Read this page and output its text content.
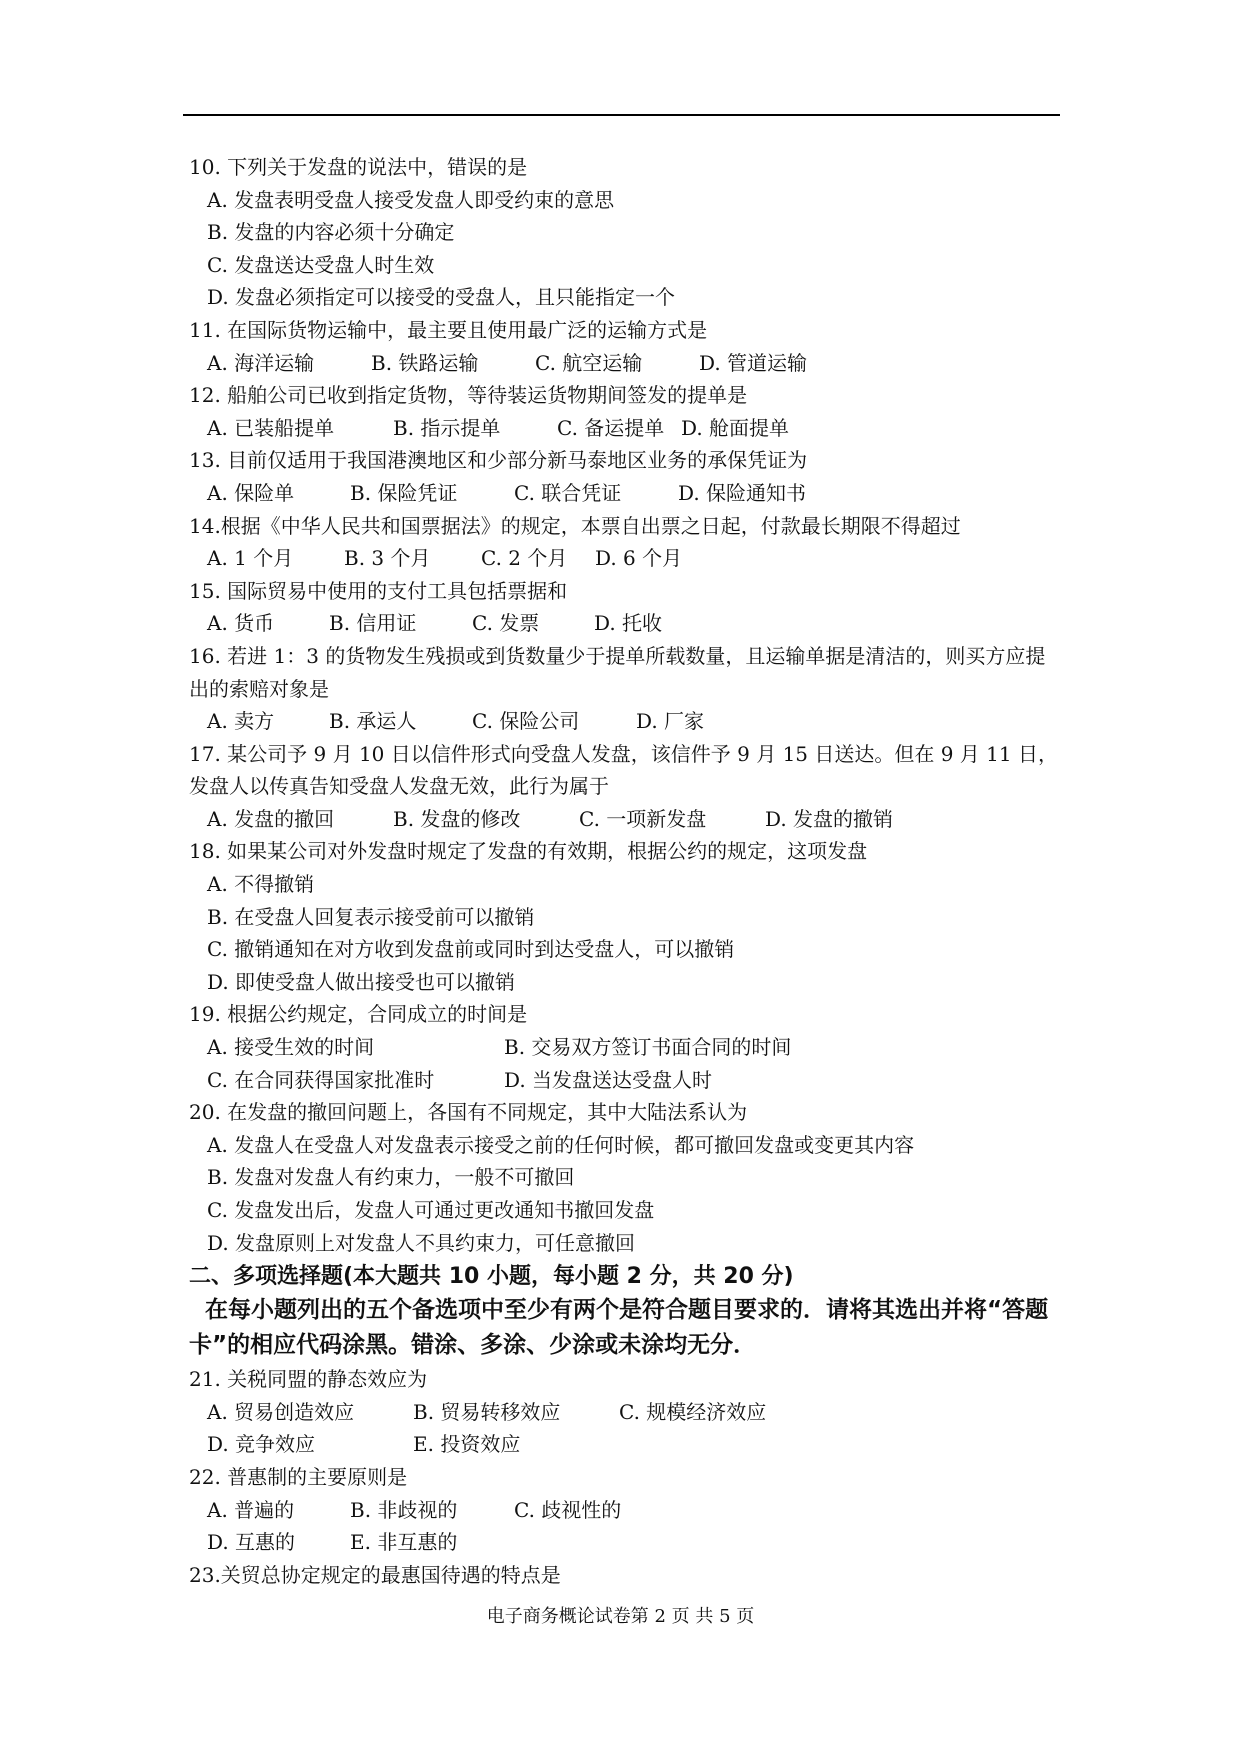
10. 下列关于发盘的说法中，错误的是
A. 发盘表明受盘人接受发盘人即受约束的意思
B. 发盘的内容必须十分确定
C. 发盘送达受盘人时生效
D. 发盘必须指定可以接受的受盘人，且只能指定一个
11. 在国际货物运输中，最主要且使用最广泛的运输方式是
A. 海洋运输	B. 铁路运输	C. 航空运输	D. 管道运输
12. 船舶公司已收到指定货物，等待装运货物期间签发的提单是
A. 已装船提单	B. 指示提单	C. 备运提单 D. 舱面提单
13. 目前仅适用于我国港澳地区和少部分新马泰地区业务的承保凭证为
A. 保险单	B. 保险凭证	C. 联合凭证	D. 保险通知书
14.根据《中华人民共和国票据法》的规定，本票自出票之日起，付款最长期限不得超过
A. 1 个月	B. 3 个月	C. 2 个月	D. 6 个月
15. 国际贸易中使用的支付工具包括票据和
A. 货币	B. 信用证	C. 发票	D. 托收
16. 若进 1：3 的货物发生残损或到货数量少于提单所载数量，且运输单据是清洁的，则买方应提出的索赔对象是
A. 卖方	B. 承运人	C. 保险公司	D. 厂家
17. 某公司予 9 月 10 日以信件形式向受盘人发盘，该信件予 9 月 15 日送达。但在 9 月 11 日，发盘人以传真告知受盘人发盘无效，此行为属于
A. 发盘的撤回	B. 发盘的修改	C. 一项新发盘	D. 发盘的撤销
18. 如果某公司对外发盘时规定了发盘的有效期，根据公约的规定，这项发盘
A. 不得撤销
B. 在受盘人回复表示接受前可以撤销
C. 撤销通知在对方收到发盘前或同时到达受盘人，可以撤销
D. 即使受盘人做出接受也可以撤销
19. 根据公约规定，合同成立的时间是
A. 接受生效的时间	B. 交易双方签订书面合同的时间
C. 在合同获得国家批准时	D. 当发盘送达受盘人时
20. 在发盘的撤回问题上，各国有不同规定，其中大陆法系认为
A. 发盘人在受盘人对发盘表示接受之前的任何时候，都可撤回发盘或变更其内容
B. 发盘对发盘人有约束力，一般不可撤回
C. 发盘发出后，发盘人可通过更改通知书撤回发盘
D. 发盘原则上对发盘人不具约束力，可任意撤回
二、多项选择题(本大题共 10 小题，每小题 2 分，共 20 分)
在每小题列出的五个备选项中至少有两个是符合题目要求的．请将其选出并将“答题卡”的相应代码涂黑。错涂、多涂、少涂或未涂均无分．
21. 关税同盟的静态效应为
A. 贸易创造效应	B. 贸易转移效应	C. 规模经济效应
D. 竞争效应	E. 投资效应
22. 普惠制的主要原则是
A. 普遍的	B. 非歧视的	C. 歧视性的
D. 互惠的	E. 非互惠的
23.关贸总协定规定的最惠国待遇的特点是
电子商务概论试卷第 2 页 共 5 页
